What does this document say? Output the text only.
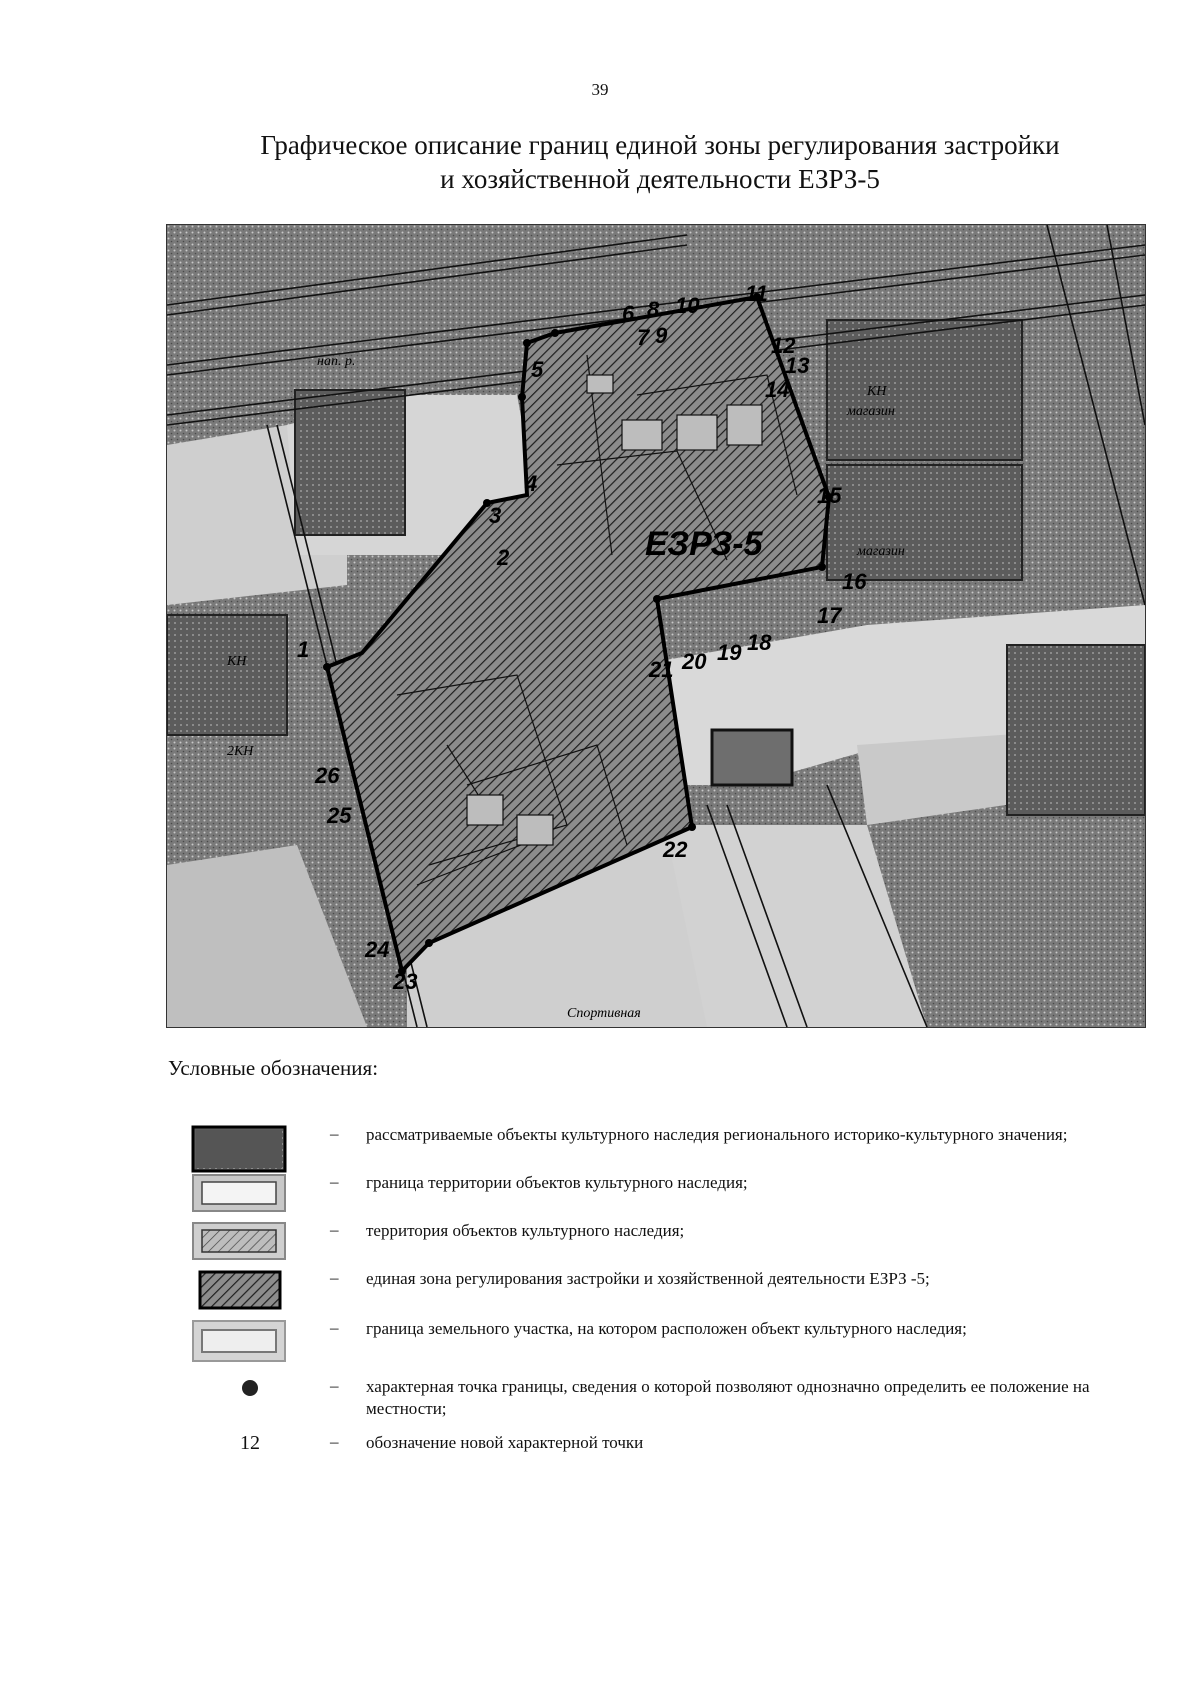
39
Графическое описание границ единой зоны регулирования застройки
и хозяйственной деятельности ЕЗРЗ-5
1
2
3
4
5
6
7
8
9
10 11
12
13
14
15
16
17
18
19
20
21
22
23
24
25
26
ЕЗРЗ-5
Спортивная
магазин
магазин
нап. р.
КН
КН
2КН
Условные обозначения:
– рассматриваемые объекты культурного наследия регионального историко-культурного значения;
– граница территории объектов культурного наследия;
– территория объектов культурного наследия;
– единая зона регулирования застройки и хозяйственной деятельности ЕЗРЗ -5;
– граница земельного участка, на котором расположен объект культурного наследия;
– характерная точка границы, сведения о которой позволяют однозначно определить ее положение на местности;
12	– обозначение новой характерной точки
